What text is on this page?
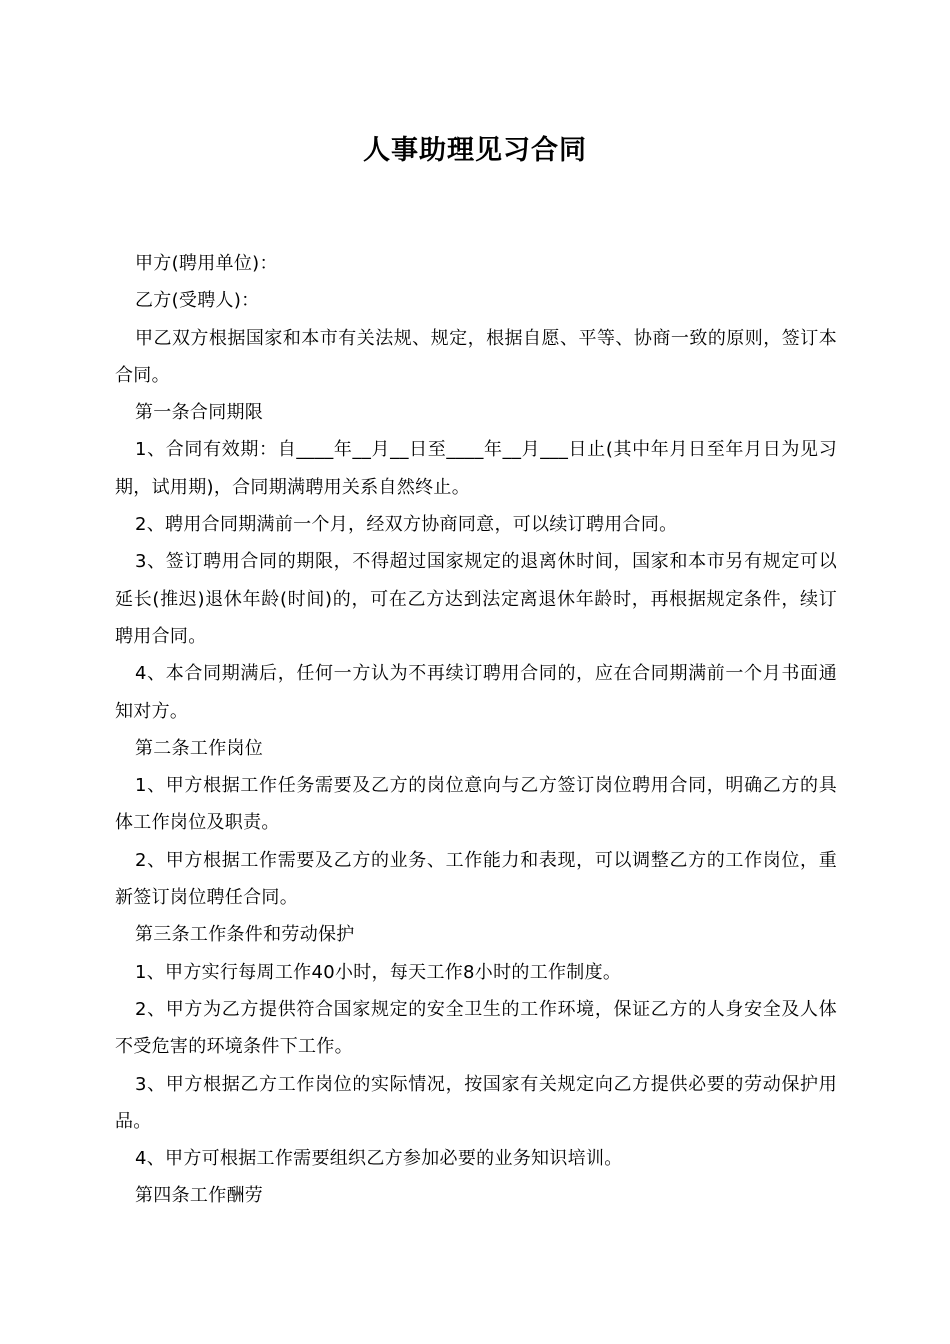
人事助理见习合同

甲方(聘用单位)：

乙方(受聘人)：

甲乙双方根据国家和本市有关法规、规定，根据自愿、平等、协商一致的原则，签订本合同。

第一条合同期限

1、合同有效期：自____年__月__日至____年__月___日止(其中年月日至年月日为见习期，试用期)，合同期满聘用关系自然终止。

2、聘用合同期满前一个月，经双方协商同意，可以续订聘用合同。

3、签订聘用合同的期限，不得超过国家规定的退离休时间，国家和本市另有规定可以延长(推迟)退休年龄(时间)的，可在乙方达到法定离退休年龄时，再根据规定条件，续订聘用合同。

4、本合同期满后，任何一方认为不再续订聘用合同的，应在合同期满前一个月书面通知对方。

第二条工作岗位

1、甲方根据工作任务需要及乙方的岗位意向与乙方签订岗位聘用合同，明确乙方的具体工作岗位及职责。

2、甲方根据工作需要及乙方的业务、工作能力和表现，可以调整乙方的工作岗位，重新签订岗位聘任合同。

第三条工作条件和劳动保护

1、甲方实行每周工作40小时，每天工作8小时的工作制度。

2、甲方为乙方提供符合国家规定的安全卫生的工作环境，保证乙方的人身安全及人体不受危害的环境条件下工作。

3、甲方根据乙方工作岗位的实际情况，按国家有关规定向乙方提供必要的劳动保护用品。

4、甲方可根据工作需要组织乙方参加必要的业务知识培训。

第四条工作酬劳
